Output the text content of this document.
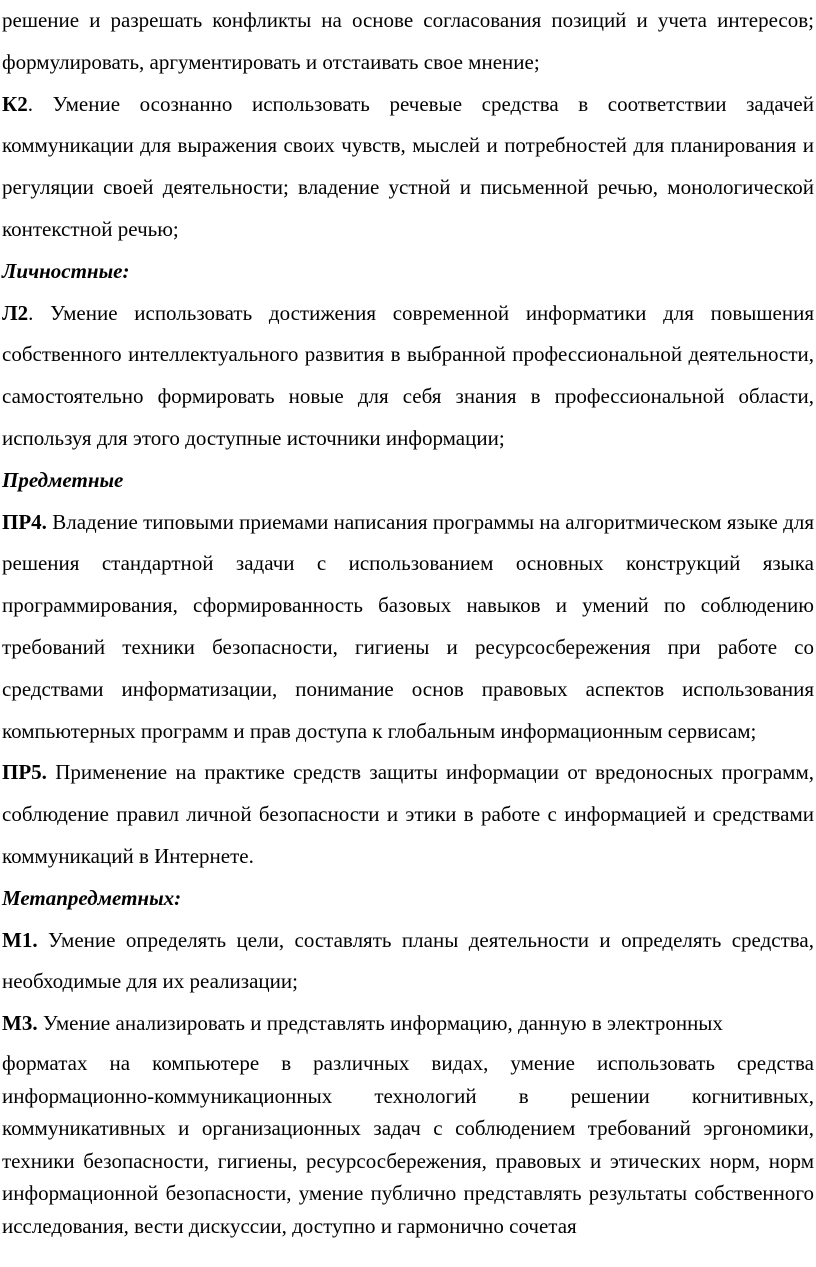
решение и разрешать конфликты на основе согласования позиций и учета интересов; формулировать, аргументировать и отстаивать свое мнение;

К2. Умение осознанно использовать речевые средства в соответствии задачей коммуникации для выражения своих чувств, мыслей и потребностей для планирования и регуляции своей деятельности; владение устной и письменной речью, монологической контекстной речью;

Личностные:

Л2. Умение использовать достижения современной информатики для повышения собственного интеллектуального развития в выбранной профессиональной деятельности, самостоятельно формировать новые для себя знания в профессиональной области, используя для этого доступные источники информации;

Предметные

ПР4. Владение типовыми приемами написания программы на алгоритмическом языке для решения стандартной задачи с использованием основных конструкций языка программирования, сформированность базовых навыков и умений по соблюдению требований техники безопасности, гигиены и ресурсосбережения при работе со средствами информатизации, понимание основ правовых аспектов использования компьютерных программ и прав доступа к глобальным информационным сервисам;

ПР5. Применение на практике средств защиты информации от вредоносных программ, соблюдение правил личной безопасности и этики в работе с информацией и средствами коммуникаций в Интернете.

Метапредметных:

М1. Умение определять цели, составлять планы деятельности и определять средства, необходимые для их реализации;

М3. Умение анализировать и представлять информацию, данную в электронных

форматах на компьютере в различных видах, умение использовать средства информационно-коммуникационных технологий в решении когнитивных, коммуникативных и организационных задач с соблюдением требований эргономики, техники безопасности, гигиены, ресурсосбережения, правовых и этических норм, норм информационной безопасности, умение публично представлять результаты собственного исследования, вести дискуссии, доступно и гармонично сочетая
